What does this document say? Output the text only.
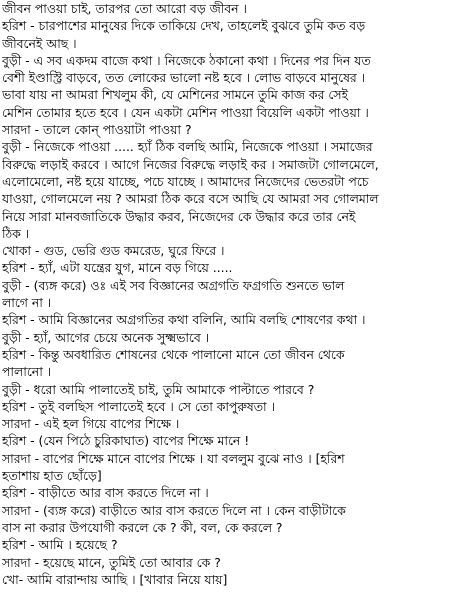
জীবন পাওয়া চাই, তারপর তো আরো বড় জীবন ।
হরিশ - চারপাশের মানুষের দিকে তাকিয়ে দেখ, তাহলেই বুঝবে তুমি কত বড়
জীবনেই আছ ।
বুড়ী - এ সব একদম বাজে কথা । নিজেকে ঠকানো কথা । দিনের পর দিন যত
বেশী ইণ্ডাস্ট্রি বাড়বে, তত লোকের ভালো নষ্ট হবে । লোভ বাড়বে মানুষের ।
ভাবা যায় না আমরা শিখলুম কী, যে মেশিনের সামনে তুমি কাজ কর সেই
মেশিন তোমার হতে হবে । যেন একটা মেশিন পাওয়া বিয়েলি একটা পাওয়া ।
সারদা - তালে কোন্ পাওয়াটা পাওয়া ?
বুড়ী - নিজেকে পাওয়া ..... হ্যাঁ ঠিক বলছি আমি, নিজেকে পাওয়া । সমাজের
বিরুদ্ধে লড়াই করবে । আগে নিজের বিরুদ্ধে লড়াই কর । সমাজটা গোলমেলে,
এলোমেলো, নষ্ট হয়ে যাচ্ছে, পচে যাচ্ছে । আমাদের নিজেদের ভেতরটা পচে
যাওয়া, গোলমেলে নয় ? আমরা ঠিক করে বসে আছি যে আমরা সব গোলমাল
নিয়ে সারা মানবজাতিকে উদ্ধার করব, নিজেদের কে উদ্ধার করে তার নেই
ঠিক ।
খোকা - গুড, ভেরি গুড কমরেড, ঘুরে ফিরে ।
হরিশ - হ্যাঁ, এটা যন্ত্রের যুগ, মানে বড় গিয়ে .....
বুড়ী - (ব্যঙ্গ করে) ওঃ এই সব বিজ্ঞানের অগ্রগতি ফগ্রগতি শুনতে ভাল
লাগে না ।
হরিশ - আমি বিজ্ঞানের অগ্রগতির কথা বলিনি, আমি বলছি শোষণের কথা ।
বুড়ী - হ্যাঁ, আগের চেয়ে অনেক সুক্ষ্মভাবে ।
হরিশ - কিন্তু অবধারিত শোষনের থেকে পালানো মানে তো জীবন থেকে
পালানো ।
বুড়ী - ধরো আমি পালাতেই চাই, তুমি আমাকে পাল্টাতে পারবে ?
হরিশ - তুই বলছিস পালাতেই হবে । সে তো কাপুরুষতা ।
সারদা - এই হল গিয়ে বাপের শিক্ষে ।
হরিশ - (যেন পিঠে চুরিকাঘাত) বাপের শিক্ষে মানে !
সারদা - বাপের শিক্ষে মানে বাপের শিক্ষে । যা বললুম বুঝে নাও । [হরিশ
হতাশায় হাত ছোঁড়ে]
হরিশ - বাড়ীতে আর বাস করতে দিলে না ।
সারদা - (ব্যঙ্গ করে) বাড়ীতে আর বাস করতে দিলে না । কেন বাড়ীটাকে
বাস না করার উপযোগী করলে কে ? কী, বল, কে করলে ?
হরিশ - আমি । হয়েছে ?
সারদা - হয়েছে মানে, তুমিই তো আবার কে ?
খো- আমি বারান্দায় আছি । [খাবার নিয়ে যায়]
